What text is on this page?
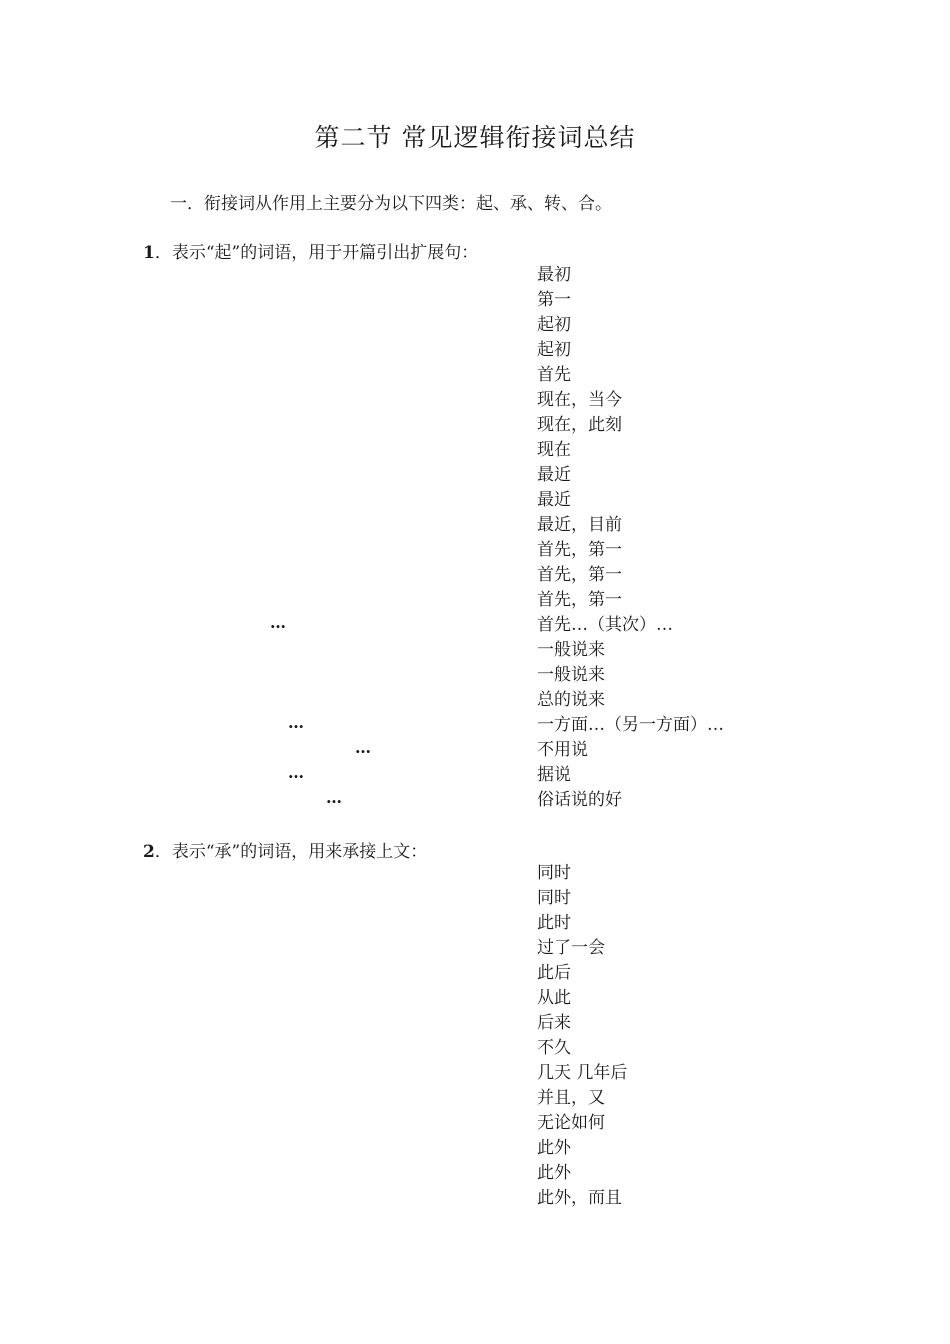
第二节 常见逻辑衔接词总结
一．衔接词从作用上主要分为以下四类：起、承、转、合。
1．表示“起”的词语，用于开篇引出扩展句：
最初
第一
起初
起初
首先
现在，当今
现在，此刻
现在
最近
最近
最近，目前
首先，第一
首先，第一
首先，第一
首先…（其次）…
一般说来
一般说来
总的说来
一方面…（另一方面）…
不用说
据说
俗话说的好
…
…
…
…
…
2．表示“承”的词语，用来承接上文：
同时
同时
此时
过了一会
此后
从此
后来
不久
几天 几年后
并且，又
无论如何
此外
此外
此外，而且
